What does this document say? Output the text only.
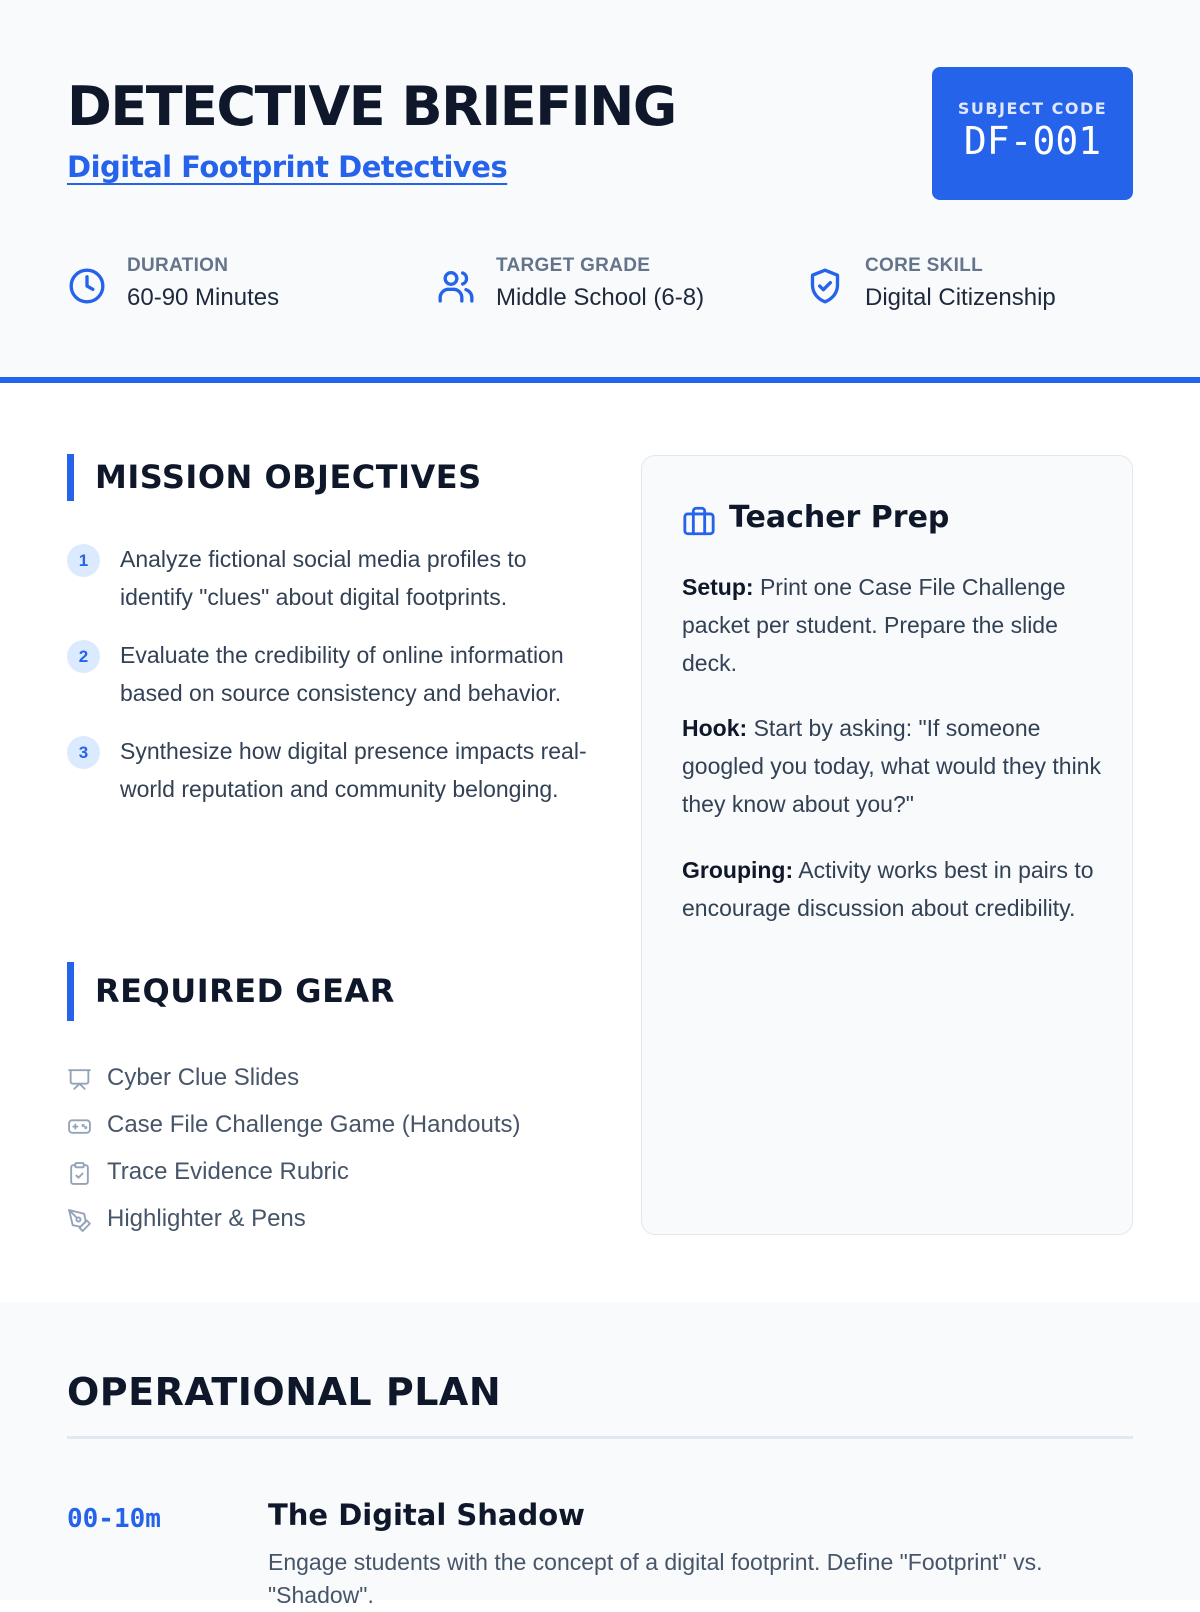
DETECTIVE BRIEFING
Digital Footprint Detectives
SUBJECT CODE
DF-001
DURATION
60-90 Minutes
TARGET GRADE
Middle School (6-8)
CORE SKILL
Digital Citizenship
MISSION OBJECTIVES
1	Analyze fictional social media profiles to identify "clues" about digital footprints.
2	Evaluate the credibility of online information based on source consistency and behavior.
3	Synthesize how digital presence impacts real-world reputation and community belonging.
REQUIRED GEAR
Cyber Clue Slides
Case File Challenge Game (Handouts)
Trace Evidence Rubric
Highlighter & Pens
Teacher Prep

Setup: Print one Case File Challenge packet per student. Prepare the slide deck.

Hook: Start by asking: "If someone googled you today, what would they think they know about you?"

Grouping: Activity works best in pairs to encourage discussion about credibility.

OPERATIONAL PLAN
00-10m	The Digital Shadow
Engage students with the concept of a digital footprint. Define "Footprint" vs. "Shadow".
